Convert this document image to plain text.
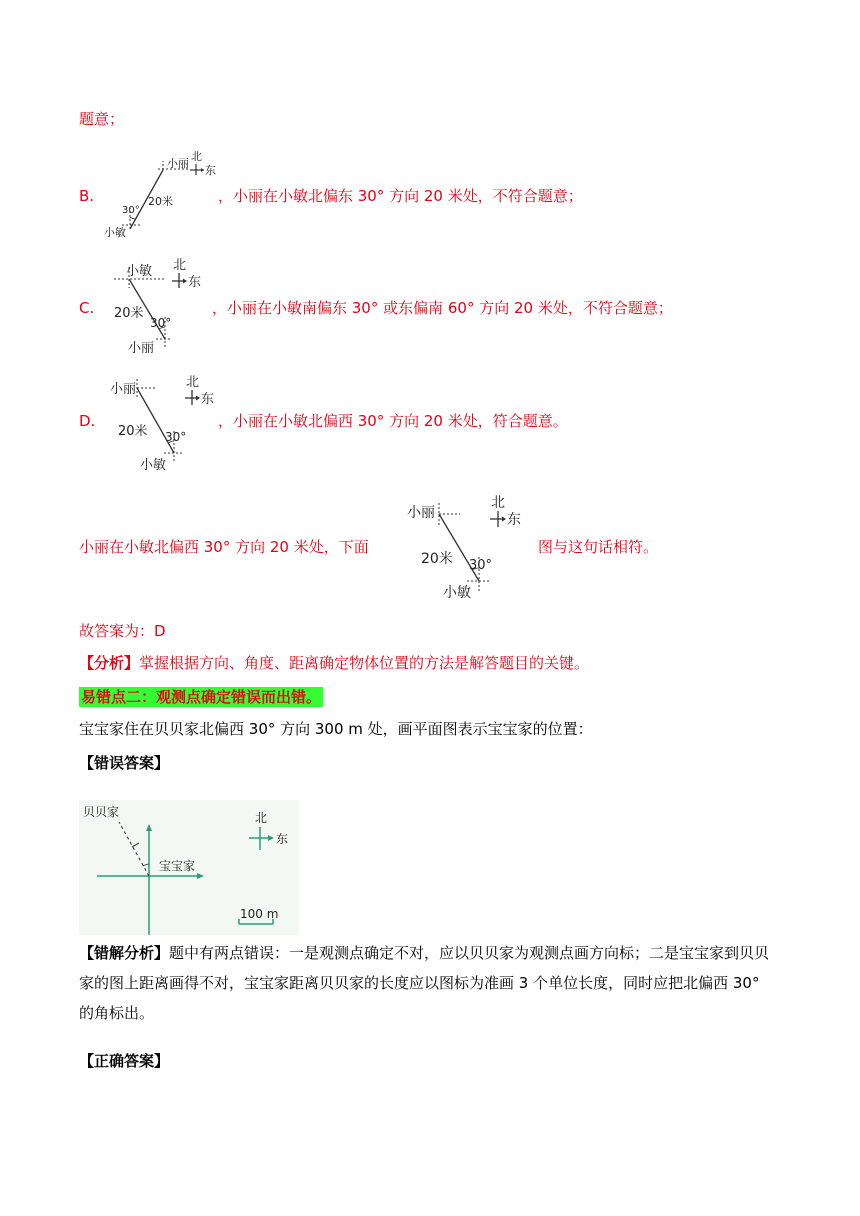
题意；
B.
小丽
小敏
20米
30°
北
东
，小丽在小敏北偏东 30° 方向 20 米处，不符合题意；
C.
小敏
小丽
20米
30°
北
东
，小丽在小敏南偏东 30° 或东偏南 60° 方向 20 米处，不符合题意；
D.
小丽
小敏
20米 30°
北
东
，小丽在小敏北偏西 30° 方向 20 米处，符合题意。
小丽在小敏北偏西 30° 方向 20 米处，下面
小丽
小敏
20米 30°
北
东
图与这句话相符。
故答案为：D
【分析】掌握根据方向、角度、距离确定物体位置的方法是解答题目的关键。
易错点二：观测点确定错误而出错。
宝宝家住在贝贝家北偏西 30° 方向 300 m 处，画平面图表示宝宝家的位置：
【错误答案】
贝贝家
宝宝家
北
东
100 m
【错解分析】题中有两点错误：一是观测点确定不对，应以贝贝家为观测点画方向标；二是宝宝家到贝贝家的图上距离画得不对，宝宝家距离贝贝家的长度应以图标为准画 3 个单位长度，同时应把北偏西 30° 的角标出。
【正确答案】
